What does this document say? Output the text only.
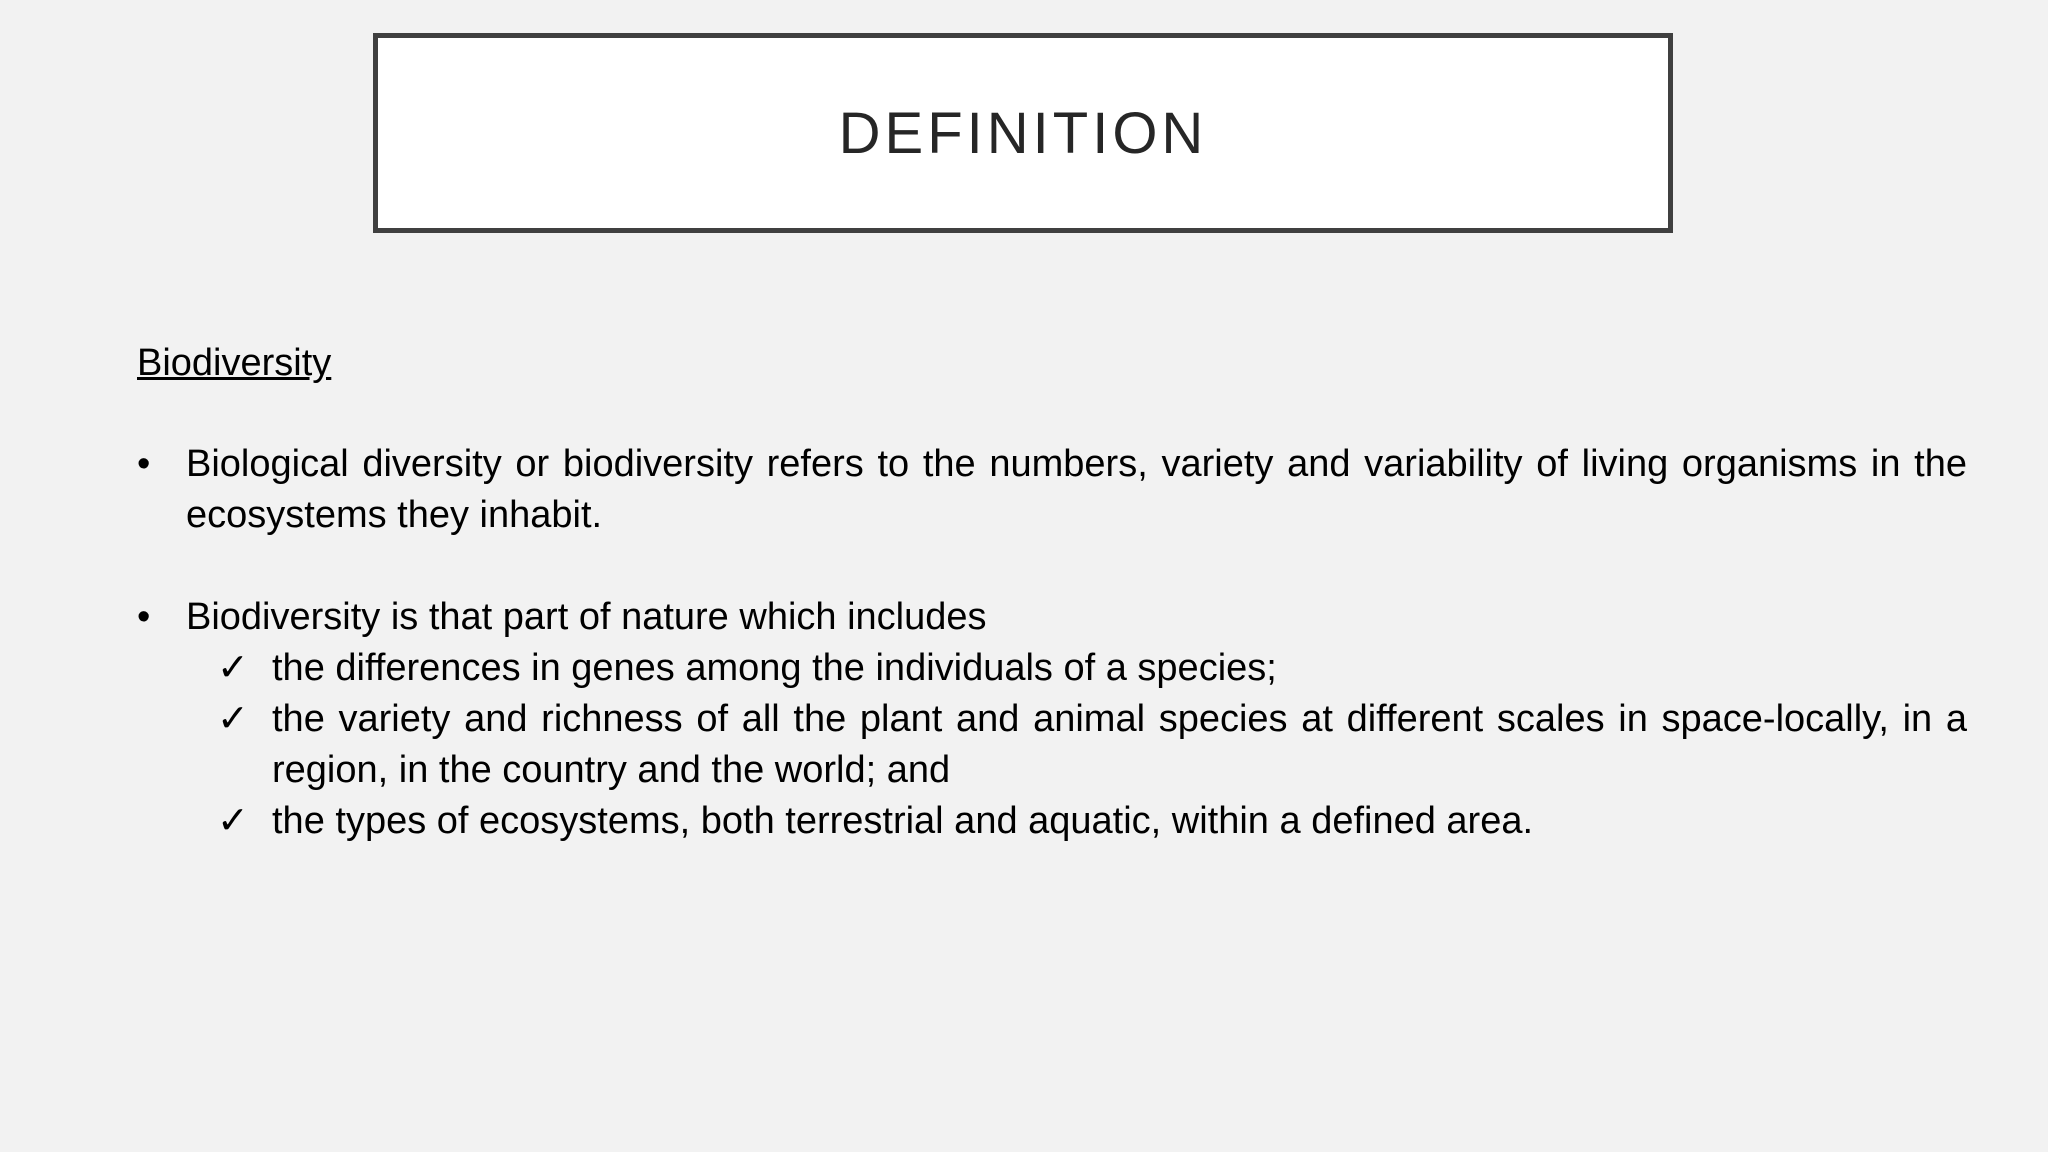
DEFINITION

Biodiversity

• Biological diversity or biodiversity refers to the numbers, variety and variability of living organisms in the ecosystems they inhabit.
• Biodiversity is that part of nature which includes
✓ the differences in genes among the individuals of a species;
✓ the variety and richness of all the plant and animal species at different scales in space-locally, in a region, in the country and the world; and
✓ the types of ecosystems, both terrestrial and aquatic, within a defined area.
